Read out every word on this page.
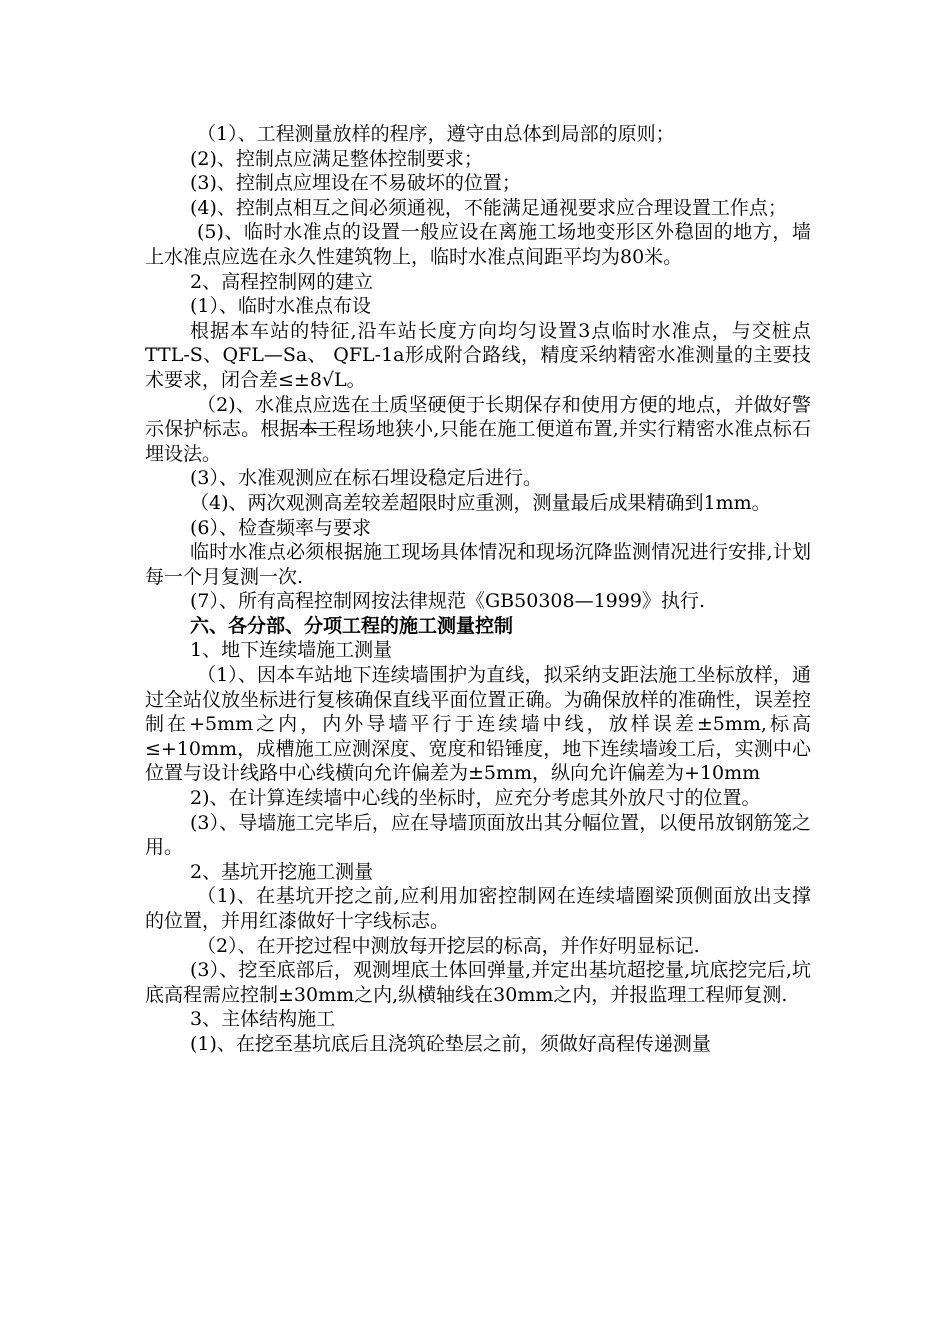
（1）、工程测量放样的程序，遵守由总体到局部的原则；

(2)、控制点应满足整体控制要求；

(3)、控制点应埋设在不易破坏的位置；

(4)、控制点相互之间必须通视，不能满足通视要求应合理设置工作点；

(5)、临时水准点的设置一般应设在离施工场地变形区外稳固的地方，墙上水准点应选在永久性建筑物上，临时水准点间距平均为80米。

2、高程控制网的建立

(1）、临时水准点布设

根据本车站的特征,沿车站长度方向均匀设置3点临时水准点，与交桩点TTL-S、QFL—Sa、 QFL-1a形成附合路线，精度采纳精密水准测量的主要技术要求，闭合差≤±8√L。

（2)、水准点应选在土质坚硬便于长期保存和使用方便的地点，并做好警示保护标志。根据本工程场地狭小,只能在施工便道布置,并实行精密水准点标石埋设法。

(3）、水准观测应在标石埋设稳定后进行。

（4)、两次观测高差较差超限时应重测，测量最后成果精确到1mm。

(6）、检查频率与要求

临时水准点必须根据施工现场具体情况和现场沉降监测情况进行安排,计划每一个月复测一次.

(7）、所有高程控制网按法律规范《GB50308—1999》执行.

六、各分部、分项工程的施工测量控制

1、地下连续墙施工测量

（1）、因本车站地下连续墙围护为直线，拟采纳支距法施工坐标放样，通过全站仪放坐标进行复核确保直线平面位置正确。为确保放样的准确性，误差控制在+5mm之内，内外导墙平行于连续墙中线，放样误差±5mm,标高≤+10mm，成槽施工应测深度、宽度和铅锤度，地下连续墙竣工后，实测中心位置与设计线路中心线横向允许偏差为±5mm，纵向允许偏差为+10mm

2)、在计算连续墙中心线的坐标时，应充分考虑其外放尺寸的位置。

(3）、导墙施工完毕后，应在导墙顶面放出其分幅位置，以便吊放钢筋笼之用。

2、基坑开挖施工测量

（1)、在基坑开挖之前,应利用加密控制网在连续墙圈梁顶侧面放出支撑的位置，并用红漆做好十字线标志。

（2）、在开挖过程中测放每开挖层的标高，并作好明显标记.

(3）、挖至底部后，观测埋底土体回弹量,并定出基坑超挖量,坑底挖完后,坑底高程需应控制±30mm之内,纵横轴线在30mm之内，并报监理工程师复测.

3、主体结构施工

(1)、在挖至基坑底后且浇筑砼垫层之前，须做好高程传递测量
